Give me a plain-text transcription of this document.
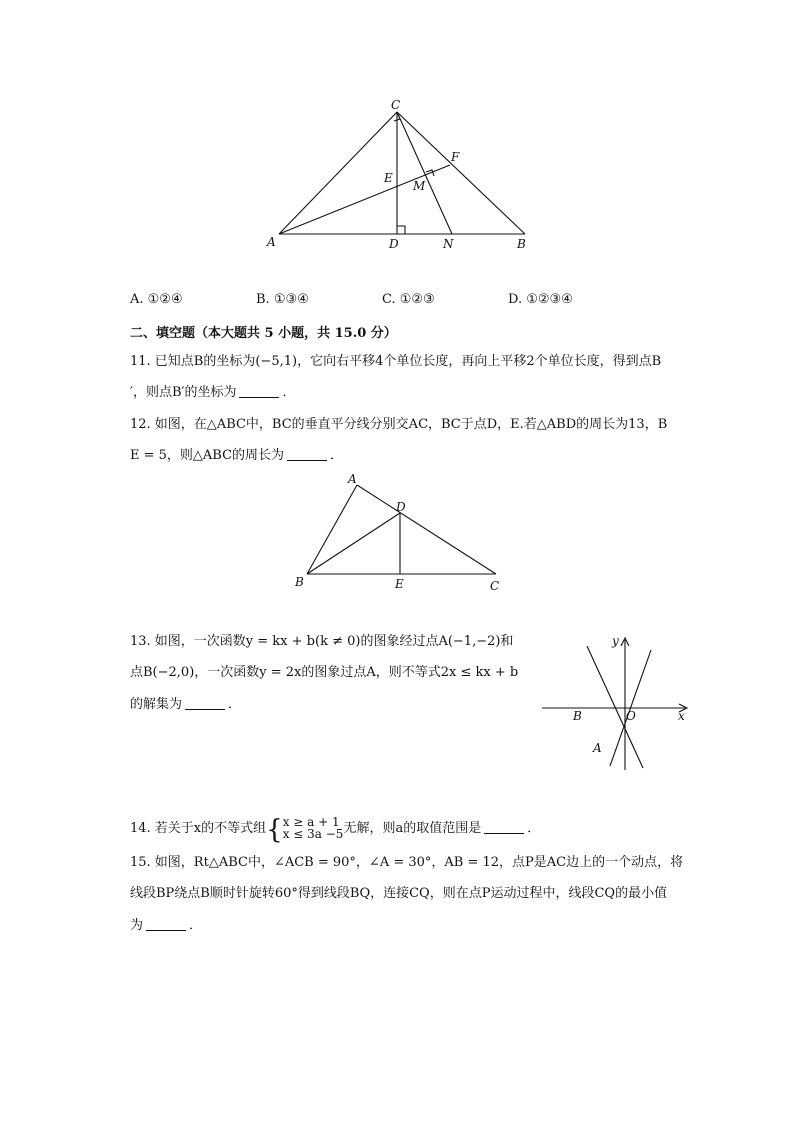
C
F
E
M
A	D	N	B
A. ①②④	B. ①③④	C. ①②③	D. ①②③④
二、填空题（本大题共 5 小题，共 15.0 分）
11. 已知点B的坐标为(−5,1)，它向右平移4个单位长度，再向上平移2个单位长度，得到点B
′，则点B′的坐标为	．
12. 如图，在△ABC中，BC的垂直平分线分别交AC，BC于点D，E.若△ABD的周长为13，B
E = 5，则△ABC的周长为	．
A
D
B	E	C
13. 如图，一次函数y = kx + b(k ≠ 0)的图象经过点A(−1,−2)和
点B(−2,0)，一次函数y = 2x的图象过点A，则不等式2x ≤ kx + b
的解集为	．
y
x
B	O
A
14. 若关于x的不等式组{x ≥ a + 1
x ≤ 3a −5无解，则a的取值范围是	．
15. 如图，Rt△ABC中，∠ACB = 90°，∠A = 30°，AB = 12，点P是AC边上的一个动点，将
线段BP绕点B顺时针旋转60°得到线段BQ，连接CQ，则在点P运动过程中，线段CQ的最小值
为	．
